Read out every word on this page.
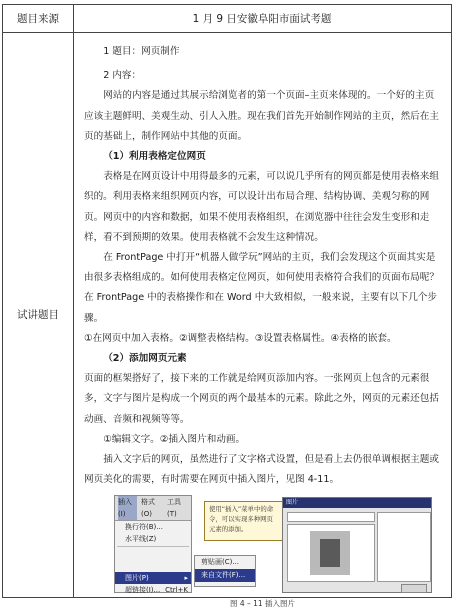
题目来源	1 月 9 日安徽阜阳市面试考题
试讲题目

1 题目：网页制作

2 内容：

网站的内容是通过其展示给浏览者的第一个页面–主页来体现的。一个好的主页应该主题鲜明、美观生动、引人入胜。现在我们首先开始制作网站的主页，然后在主页的基础上，制作网站中其他的页面。

（1）利用表格定位网页

表格是在网页设计中用得最多的元素，可以说几乎所有的网页都是使用表格来组织的。利用表格来组织网页内容，可以设计出布局合理、结构协调、美观匀称的网页。网页中的内容和数据，如果不使用表格组织，在浏览器中往往会发生变形和走样，看不到预期的效果。使用表格就不会发生这种情况。

在 FrontPage 中打开“机器人做学玩”网站的主页，我们会发现这个页面其实是由很多表格组成的。如何使用表格定位网页，如何使用表格符合我们的页面布局呢？在 FrontPage 中的表格操作和在 Word 中大致相似，一般来说，主要有以下几个步骤。

①在网页中加入表格。②调整表格结构。③设置表格属性。④表格的嵌套。

（2）添加网页元素

页面的框架搭好了，接下来的工作就是给网页添加内容。一张网页上包含的元素很多，文字与图片是构成一个网页的两个最基本的元素。除此之外，网页的元素还包括动画、音频和视频等等。

①编辑文字。②插入图片和动画。

插入文字后的网页，虽然进行了文字格式设置，但是看上去仍很单调根据主题或网页美化的需要，有时需要在网页中插入图片，见图 4-11。

插入(I)
格式(O)
工具(T)
换行符(B)...
水平线(Z)
图片(P)	▸
超链接(I)... Ctrl+K
使用“插入”菜单中的命令，可以实现多种网页元素的添加。
剪贴画(C)...
来自文件(F)...
图片
图 4 – 11 插入图片
